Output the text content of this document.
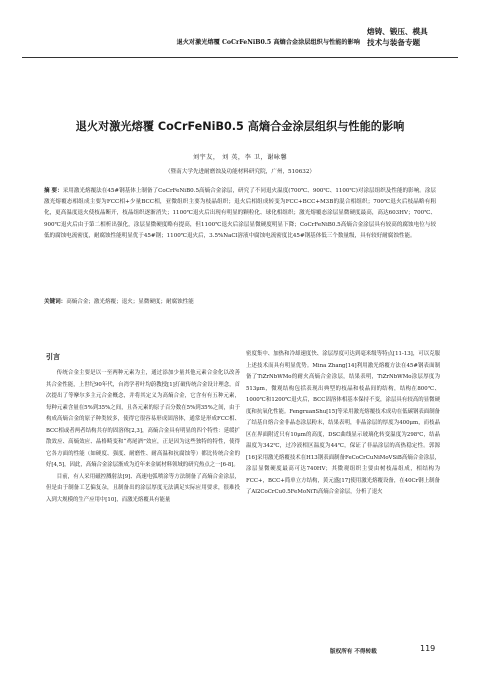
退火对激光熔覆 CoCrFeNiB0.5 高熵合金涂层组织与性能的影响
熔铸、锻压、模具
技术与装备专题
退火对激光熔覆 CoCrFeNiB0.5 高熵合金涂层组织与性能的影响
刘宇友， 刘 英，李 卫，谢咏馨
（暨南大学先进耐磨蚀及功能材料研究院，广州，510632）
摘 要：采用激光熔覆法在45#钢基体上制备了CoCrFeNiB0.5高熵合金涂层，研究了不同退火温度(700℃、900℃、1100℃)对涂层组织及性能的影响。涂层激光熔覆态相组成主要为FCC相+少量BCC相，亚微组织主要为枝晶组织；退火后相组成转变为FCC+BCC+M3B的混合相组织；700℃退火后枝晶略有粗化，更高温度退火使枝晶断开，枝晶组织逐渐消失；1100℃退火后出现有明显的颗粒化、球化相组织；激光熔覆态涂层显微硬度最高，高达603HV；700℃、900℃退火后由于第二相析出强化，涂层显微硬度略有提高，但1100℃退火后涂层显微硬度明显下降；CoCrFeNiB0.5高熵合金涂层具有较高的腐蚀电位与较低的腐蚀电流密度，耐腐蚀性能明显优于45#钢；1100℃退火后，3.5%NaCl溶液中腐蚀电流密度比45#钢基体低三个数量级，具有较好耐腐蚀性能。
关键词：高熵合金；激光熔覆；退火；显微硬度；耐腐蚀性能
引言

传统合金主要是以一至两种元素为主，通过添加少量其他元素合金化以改善其合金性能，上世纪90年代，台湾学者叶均蔚教授[1]打破传统合金设计理念，首次提出了等摩尔多主元合金概念，并将其定义为高熵合金，它含有有五种元素，每种元素含量在5%到35%之间，且各元素的原子百分数在5%到35%之间，由于构成高熵合金的原子种类较多，使得它很容易形成固溶体，通常是形成FCC相、BCC相或者两者结构共存的固溶体[2,3]，高熵合金具有明显的四个特性：延缓扩散效应、高熵效应、晶格畸变和“鸡尾酒”效应，正是因为这些独特的特性，使得它各方面的性能（如硬度、强度、耐磨性、耐高温和抗腐蚀等）都比传统合金的好[4,5]，因此，高熵合金涂层渐成为近年来金属材料领域的研究热点之一[6-8]。

目前，有人采用磁控溅射法[9]、高速电弧喷涂等方法制备了高熵合金涂层，但是由于制备工艺偏复杂，且制备出的涂层厚度无法满足实际应用要求，很难投入到大规模的生产应用中[10]，而激光熔覆具有能量

密度集中、加热和冷却速度快、涂层厚度可达到毫米级等特点[11-13]，可以克服上述技术而具有明显优势。Mina Zhang[14]利用激光熔覆方法在45#钢表面制备了TiZrNbWMo的耐火高熵合金涂层，结果表明，TiZrNbWMo涂层厚度为513μm，微观结构包括表现出典型的枝晶和枝晶间的结构，结构在800℃、1000℃和1200℃退火后，BCC固溶体相基本保持不变，涂层具有较高的显微硬度和抗氧化性能。FengruanShu[15]等采用激光熔覆技术成功在低碳钢表面制备了结基自熔合金非晶态涂层粉末，结果表明，非晶涂层的厚度为400μm，而枝晶区在界面附近只有10μm的高度，DSC曲线显示玻璃化转变温度为298℃，结晶温度为342℃，过冷液相区温度为44℃，保证了非晶涂层的高热稳定性。郭源[16]采用激光熔覆技术在H13钢表面制备FeCoCrCuNiMoVSiB高熵合金涂层，涂层显微硬度最高可达740HV；其微观组织主要由树枝晶组成，相结构为FCC+，BCC+简单立方结构，黄元盛[17]使用激光熔覆设备，在40Cr钢上制备了Al2CoCrCu0.5FeMoNiTi高熵合金涂层，分析了退火

版权所有 不得转载	119
